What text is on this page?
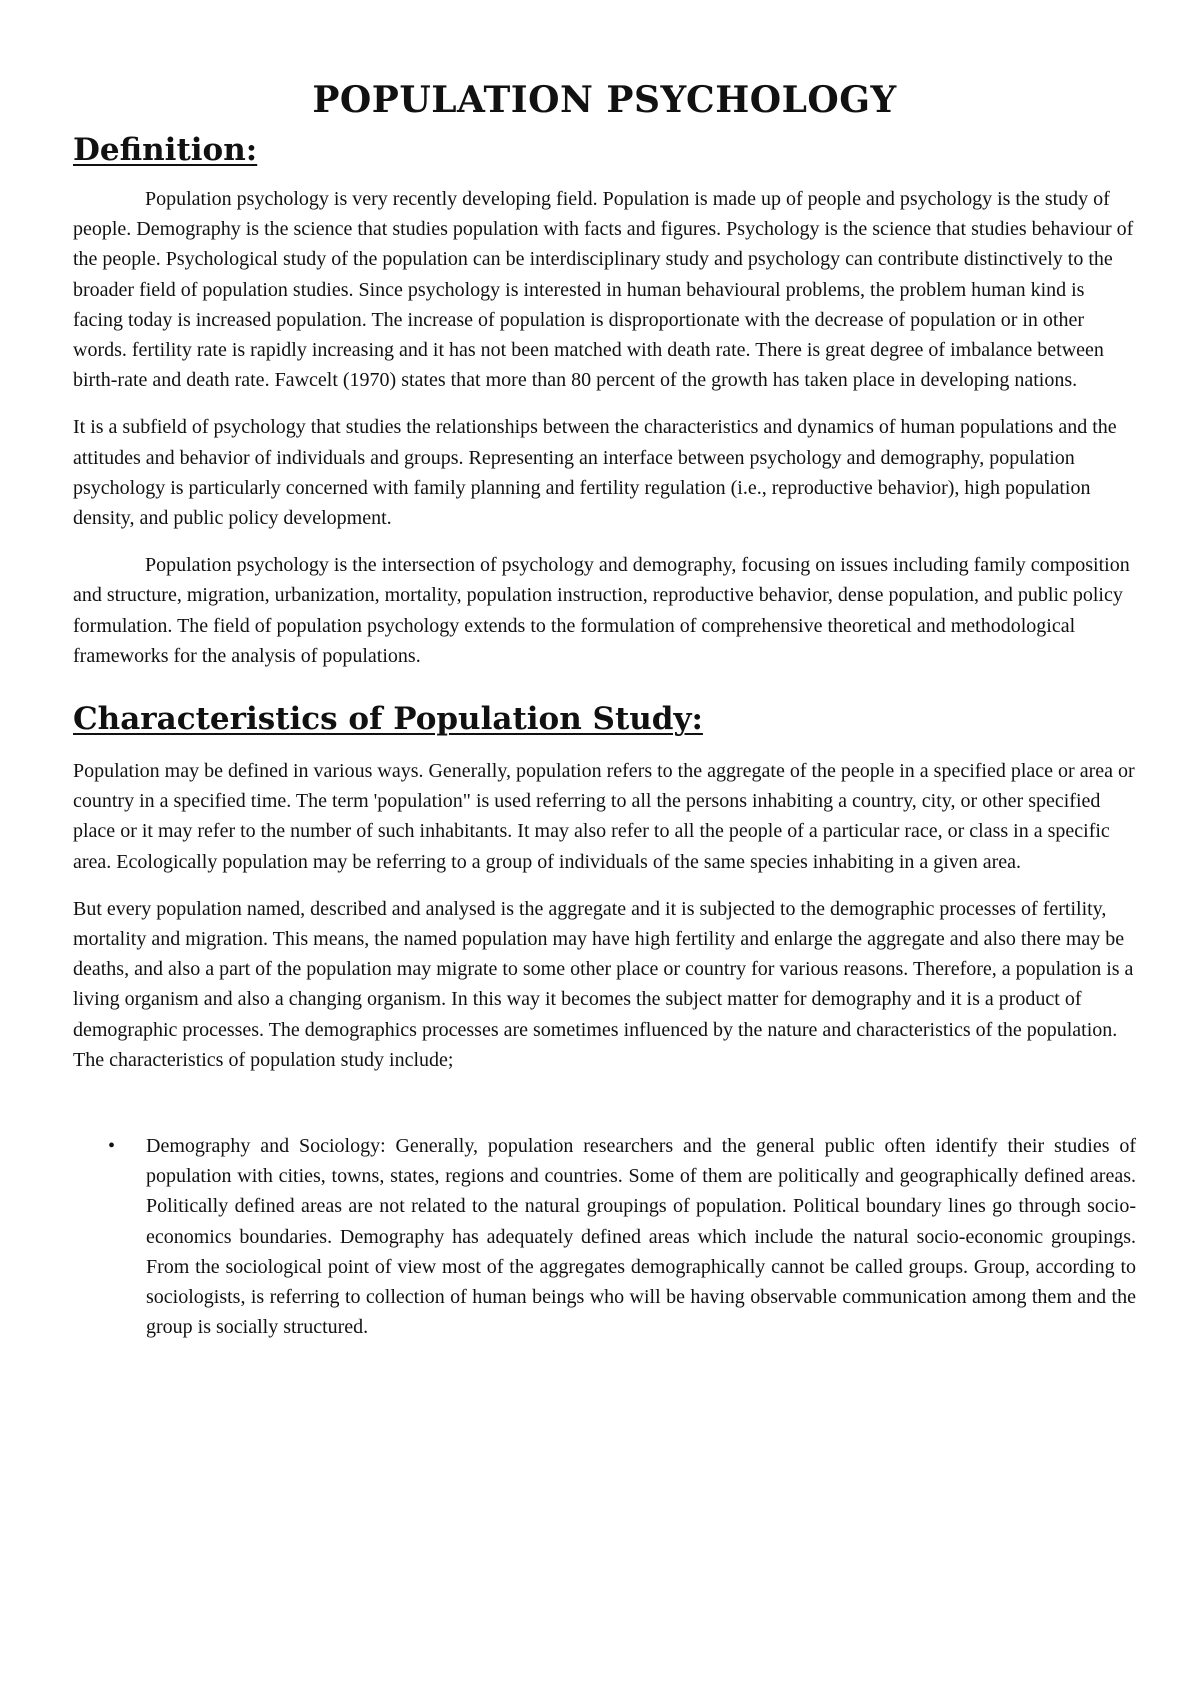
POPULATION PSYCHOLOGY
Definition:

Population psychology is very recently developing field. Population is made up of people and psychology is the study of people. Demography is the science that studies population with facts and figures. Psychology is the science that studies behaviour of the people. Psychological study of the population can be interdisciplinary study and psychology can contribute distinctively to the broader field of population studies. Since psychology is interested in human behavioural problems, the problem human kind is facing today is increased population. The increase of population is disproportionate with the decrease of population or in other words. fertility rate is rapidly increasing and it has not been matched with death rate. There is great degree of imbalance between birth-rate and death rate. Fawcelt (1970) states that more than 80 percent of the growth has taken place in developing nations.

It is a subfield of psychology that studies the relationships between the characteristics and dynamics of human populations and the attitudes and behavior of individuals and groups. Representing an interface between psychology and demography, population psychology is particularly concerned with family planning and fertility regulation (i.e., reproductive behavior), high population density, and public policy development.

Population psychology is the intersection of psychology and demography, focusing on issues including family composition and structure, migration, urbanization, mortality, population instruction, reproductive behavior, dense population, and public policy formulation. The field of population psychology extends to the formulation of comprehensive theoretical and methodological frameworks for the analysis of populations.

Characteristics of Population Study:

Population may be defined in various ways. Generally, population refers to the aggregate of the people in a specified place or area or country in a specified time. The term 'population" is used referring to all the persons inhabiting a country, city, or other specified place or it may refer to the number of such inhabitants. It may also refer to all the people of a particular race, or class in a specific area. Ecologically population may be referring to a group of individuals of the same species inhabiting in a given area.

But every population named, described and analysed is the aggregate and it is subjected to the demographic processes of fertility, mortality and migration. This means, the named population may have high fertility and enlarge the aggregate and also there may be deaths, and also a part of the population may migrate to some other place or country for various reasons. Therefore, a population is a living organism and also a changing organism. In this way it becomes the subject matter for demography and it is a product of demographic processes. The demographics processes are sometimes influenced by the nature and characteristics of the population. The characteristics of population study include;

• Demography and Sociology: Generally, population researchers and the general public often identify their studies of population with cities, towns, states, regions and countries. Some of them are politically and geographically defined areas. Politically defined areas are not related to the natural groupings of population. Political boundary lines go through socio-economics boundaries. Demography has adequately defined areas which include the natural socio-economic groupings. From the sociological point of view most of the aggregates demographically cannot be called groups. Group, according to sociologists, is referring to collection of human beings who will be having observable communication among them and the group is socially structured.
